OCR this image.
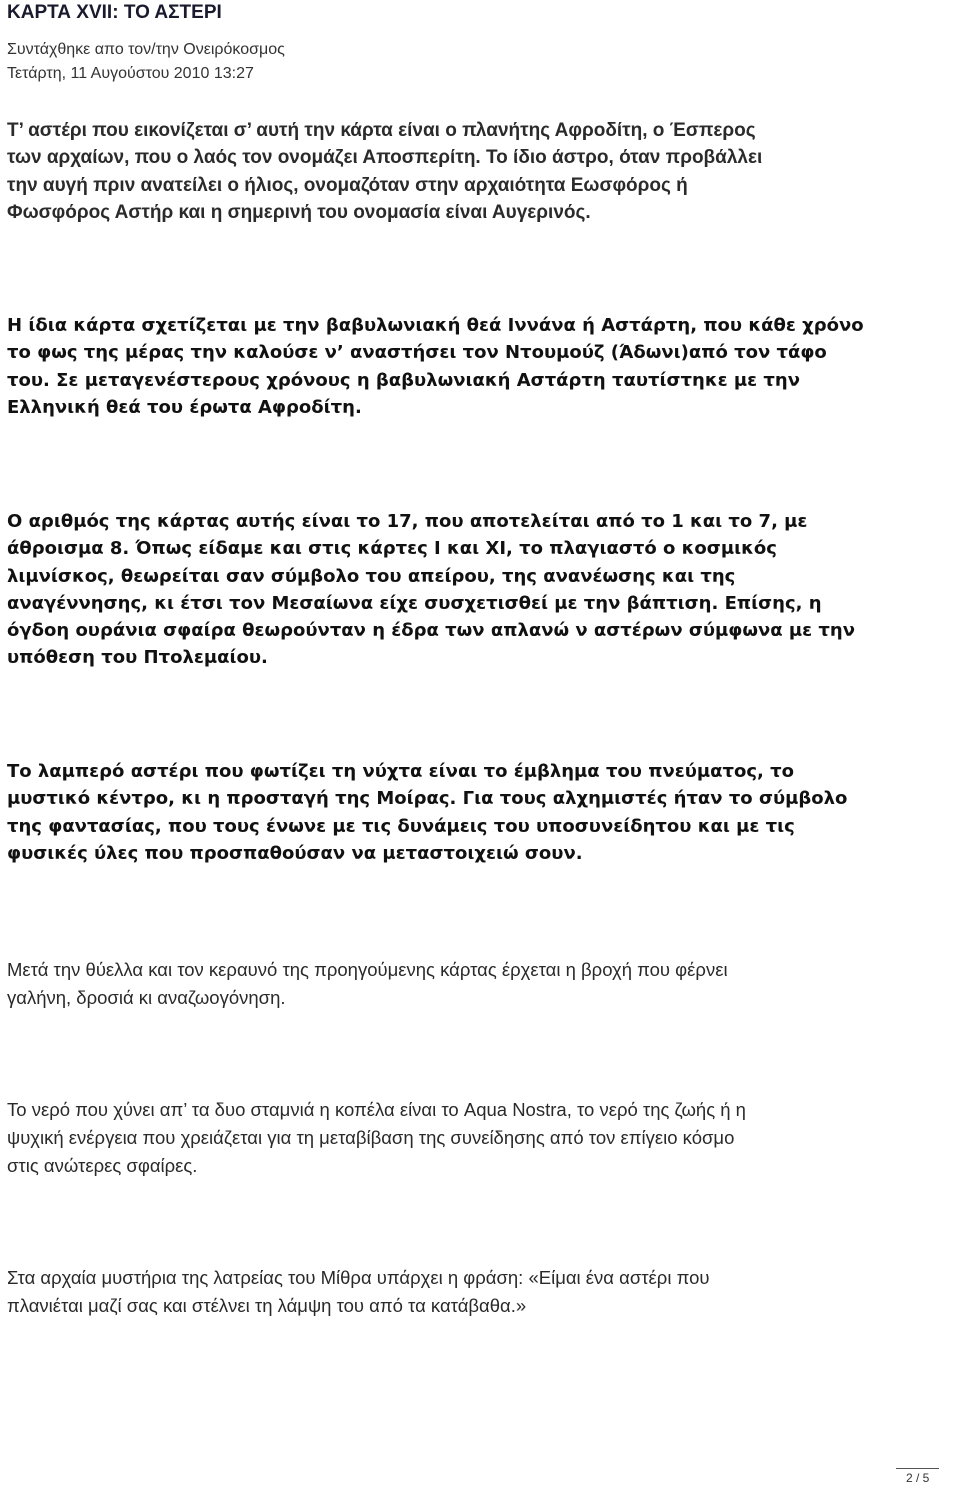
ΚΑΡΤΑ XVII: ΤΟ ΑΣΤΕΡΙ

Συντάχθηκε απο τον/την Ονειρόκοσμος

Τετάρτη, 11 Αυγούστου 2010 13:27

Τ’ αστέρι που εικονίζεται σ’ αυτή την κάρτα είναι ο πλανήτης Αφροδίτη, ο Έσπερος
των αρχαίων, που ο λαός τον ονομάζει Αποσπερίτη. Το ίδιο άστρο, όταν προβάλλει
την αυγή πριν ανατείλει ο ήλιος, ονομαζόταν στην αρχαιότητα Εωσφόρος ή
Φωσφόρος Αστήρ και η σημερινή του ονομασία είναι Αυγερινός.
Η ίδια κάρτα σχετίζεται με την βαβυλωνιακή θεά Ιννάνα ή Αστάρτη, που κάθε χρόνο
το φως της μέρας την καλούσε ν’ αναστήσει τον Ντουμούζ (Άδωνι)από τον τάφο
του. Σε μεταγενέστερους χρόνους η βαβυλωνιακή Αστάρτη ταυτίστηκε με την
Ελληνική θεά του έρωτα Αφροδίτη.
Ο αριθμός της κάρτας αυτής είναι το 17, που αποτελείται από το 1 και το 7, με
άθροισμα 8. Όπως είδαμε και στις κάρτες I και XI, το πλαγιαστό ο κοσμικός
λιμνίσκος, θεωρείται σαν σύμβολο του απείρου, της ανανέωσης και της
αναγέννησης, κι έτσι τον Μεσαίωνα είχε συσχετισθεί με την βάπτιση. Επίσης, η
όγδοη ουράνια σφαίρα θεωρούνταν η έδρα των απλανώ ν αστέρων σύμφωνα με την
υπόθεση του Πτολεμαίου.
Το λαμπερό αστέρι που φωτίζει τη νύχτα είναι το έμβλημα του πνεύματος, το
μυστικό κέντρο, κι η προσταγή της Μοίρας. Για τους αλχημιστές ήταν το σύμβολο
της φαντασίας, που τους ένωνε με τις δυνάμεις του υποσυνείδητου και με τις
φυσικές ύλες που προσπαθούσαν να μεταστοιχειώ σουν.
Μετά την θύελλα και τον κεραυνό της προηγούμενης κάρτας έρχεται η βροχή που φέρνει
γαλήνη, δροσιά κι αναζωογόνηση.
Το νερό που χύνει απ’ τα δυο σταμνιά η κοπέλα είναι το Aqua Nostra, το νερό της ζωής ή η
ψυχική ενέργεια που χρειάζεται για τη μεταβίβαση της συνείδησης από τον επίγειο κόσμο
στις ανώτερες σφαίρες.
Στα αρχαία μυστήρια της λατρείας του Μίθρα υπάρχει η φράση: «Είμαι ένα αστέρι που
πλανιέται μαζί σας και στέλνει τη λάμψη του από τα κατάβαθα.»

2 / 5
